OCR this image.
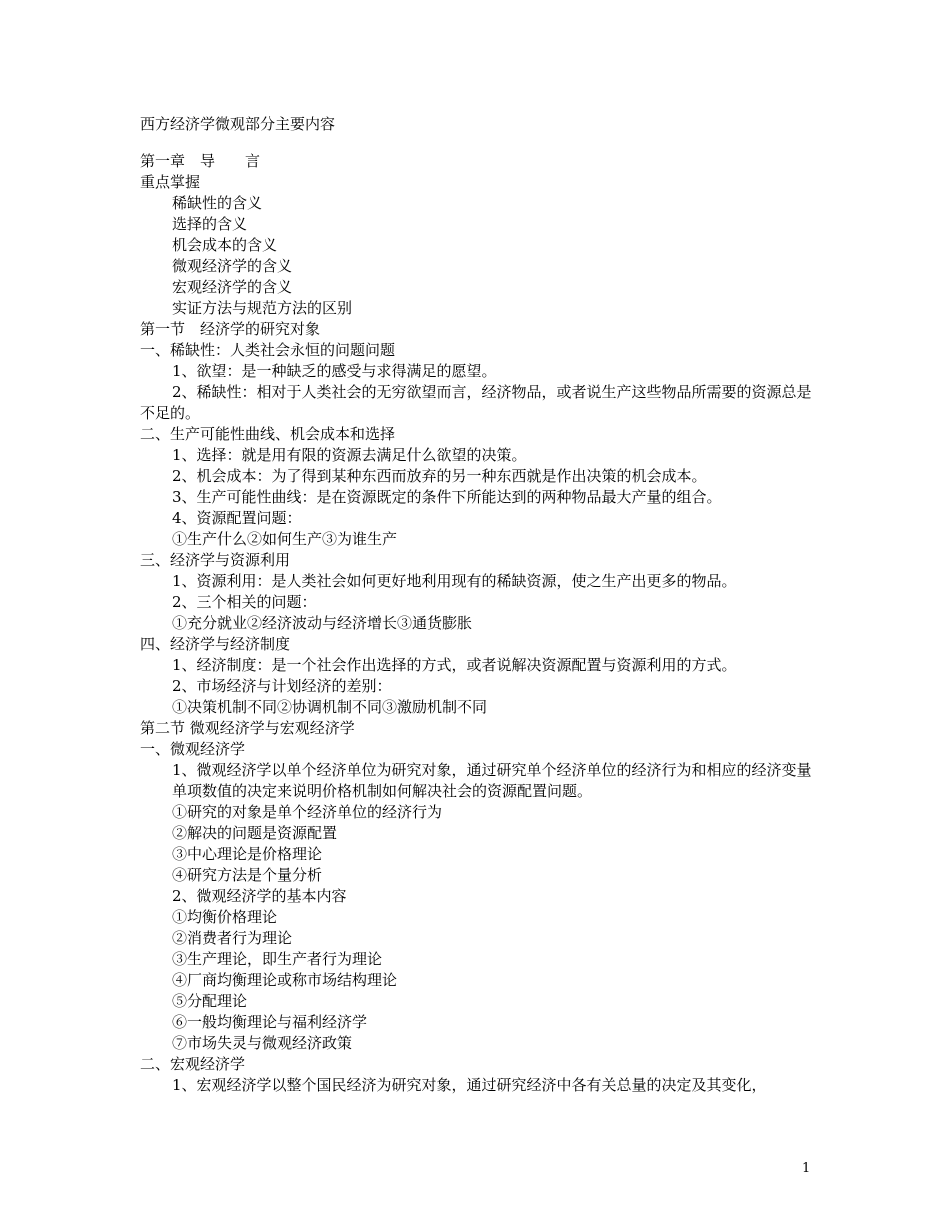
西方经济学微观部分主要内容
第一章　导　　言
重点掌握
稀缺性的含义
选择的含义
机会成本的含义
微观经济学的含义
宏观经济学的含义
实证方法与规范方法的区别
第一节　经济学的研究对象
一、稀缺性：人类社会永恒的问题问题
1、欲望：是一种缺乏的感受与求得满足的愿望。
2、稀缺性：相对于人类社会的无穷欲望而言，经济物品，或者说生产这些物品所需要的资源总是不足的。
二、生产可能性曲线、机会成本和选择
1、选择：就是用有限的资源去满足什么欲望的决策。
2、机会成本：为了得到某种东西而放弃的另一种东西就是作出决策的机会成本。
3、生产可能性曲线：是在资源既定的条件下所能达到的两种物品最大产量的组合。
4、资源配置问题：
①生产什么②如何生产③为谁生产
三、经济学与资源利用
1、资源利用：是人类社会如何更好地利用现有的稀缺资源，使之生产出更多的物品。
2、三个相关的问题：
①充分就业②经济波动与经济增长③通货膨胀
四、经济学与经济制度
1、经济制度：是一个社会作出选择的方式，或者说解决资源配置与资源利用的方式。
2、市场经济与计划经济的差别：
①决策机制不同②协调机制不同③激励机制不同
第二节 微观经济学与宏观经济学
一、微观经济学
1、微观经济学以单个经济单位为研究对象，通过研究单个经济单位的经济行为和相应的经济变量单项数值的决定来说明价格机制如何解决社会的资源配置问题。
①研究的对象是单个经济单位的经济行为
②解决的问题是资源配置
③中心理论是价格理论
④研究方法是个量分析
2、微观经济学的基本内容
①均衡价格理论
②消费者行为理论
③生产理论，即生产者行为理论
④厂商均衡理论或称市场结构理论
⑤分配理论
⑥一般均衡理论与福利经济学
⑦市场失灵与微观经济政策
二、宏观经济学
1、宏观经济学以整个国民经济为研究对象，通过研究经济中各有关总量的决定及其变化，
1
